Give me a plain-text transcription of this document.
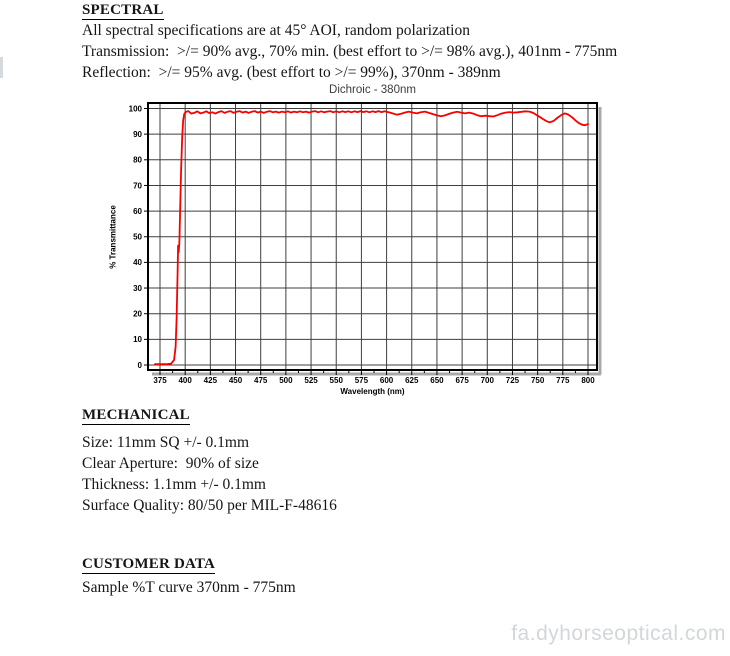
SPECTRAL
All spectral specifications are at 45° AOI, random polarization
Transmission:  >/= 90% avg., 70% min. (best effort to >/= 98% avg.), 401nm - 775nm
Reflection:  >/= 95% avg. (best effort to >/= 99%), 370nm - 389nm
Dichroic - 380nm
% Transmittance
0
10
20
30
40
50
60
70
80
90
100
375 400 425 450 475 500 525 550 575 600 625 650 675 700 725 750 775 800
Wavelength (nm)
MECHANICAL
Size: 11mm SQ +/- 0.1mm
Clear Aperture:  90% of size
Thickness: 1.1mm +/- 0.1mm
Surface Quality: 80/50 per MIL-F-48616
CUSTOMER DATA
Sample %T curve 370nm - 775nm
fa.dyhorseoptical.com
